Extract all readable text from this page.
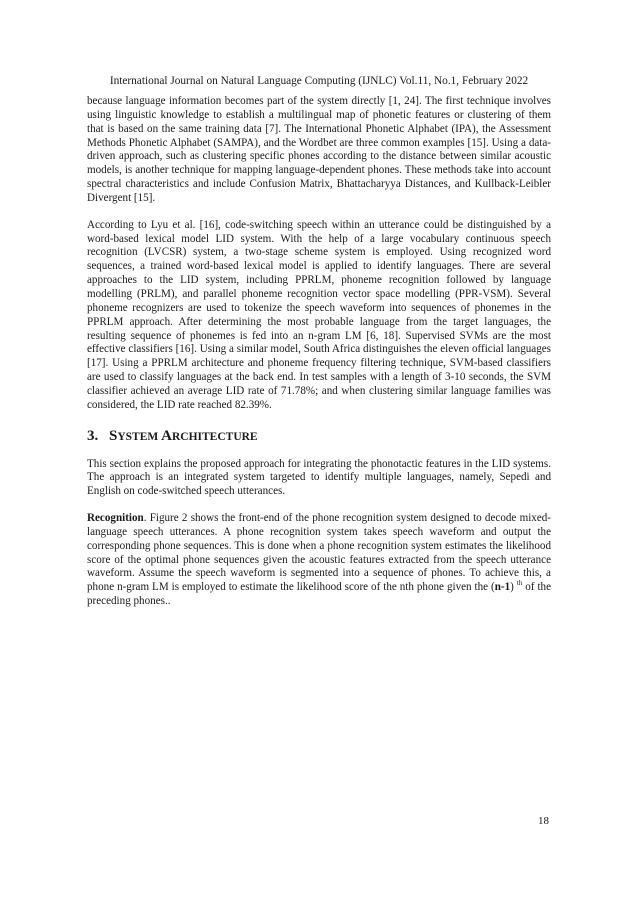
International Journal on Natural Language Computing (IJNLC) Vol.11, No.1, February 2022

because language information becomes part of the system directly [1, 24]. The first technique involves using linguistic knowledge to establish a multilingual map of phonetic features or clustering of them that is based on the same training data [7]. The International Phonetic Alphabet (IPA), the Assessment Methods Phonetic Alphabet (SAMPA), and the Wordbet are three common examples [15]. Using a data- driven approach, such as clustering specific phones according to the distance between similar acoustic models, is another technique for mapping language-dependent phones. These methods take into account spectral characteristics and include Confusion Matrix, Bhattacharyya Distances, and Kullback-Leibler Divergent [15].

According to Lyu et al. [16], code-switching speech within an utterance could be distinguished by a word-based lexical model LID system. With the help of a large vocabulary continuous speech recognition (LVCSR) system, a two-stage scheme system is employed. Using recognized word sequences, a trained word-based lexical model is applied to identify languages. There are several approaches to the LID system, including PPRLM, phoneme recognition followed by language modelling (PRLM), and parallel phoneme recognition vector space modelling (PPR-VSM). Several phoneme recognizers are used to tokenize the speech waveform into sequences of phonemes in the PPRLM approach. After determining the most probable language from the target languages, the resulting sequence of phonemes is fed into an n-gram LM [6, 18]. Supervised SVMs are the most effective classifiers [16]. Using a similar model, South Africa distinguishes the eleven official languages [17]. Using a PPRLM architecture and phoneme frequency filtering technique, SVM-based classifiers are used to classify languages at the back end. In test samples with a length of 3-10 seconds, the SVM classifier achieved an average LID rate of 71.78%; and when clustering similar language families was considered, the LID rate reached 82.39%.

3. SYSTEM ARCHITECTURE

This section explains the proposed approach for integrating the phonotactic features in the LID systems. The approach is an integrated system targeted to identify multiple languages, namely, Sepedi and English on code-switched speech utterances.

Recognition. Figure 2 shows the front-end of the phone recognition system designed to decode mixed-language speech utterances. A phone recognition system takes speech waveform and output the corresponding phone sequences. This is done when a phone recognition system estimates the likelihood score of the optimal phone sequences given the acoustic features extracted from the speech utterance waveform. Assume the speech waveform is segmented into a sequence of phones. To achieve this, a phone n-gram LM is employed to estimate the likelihood score of the nth phone given the (n-1) $^{th}$ of the preceding phones..

18
